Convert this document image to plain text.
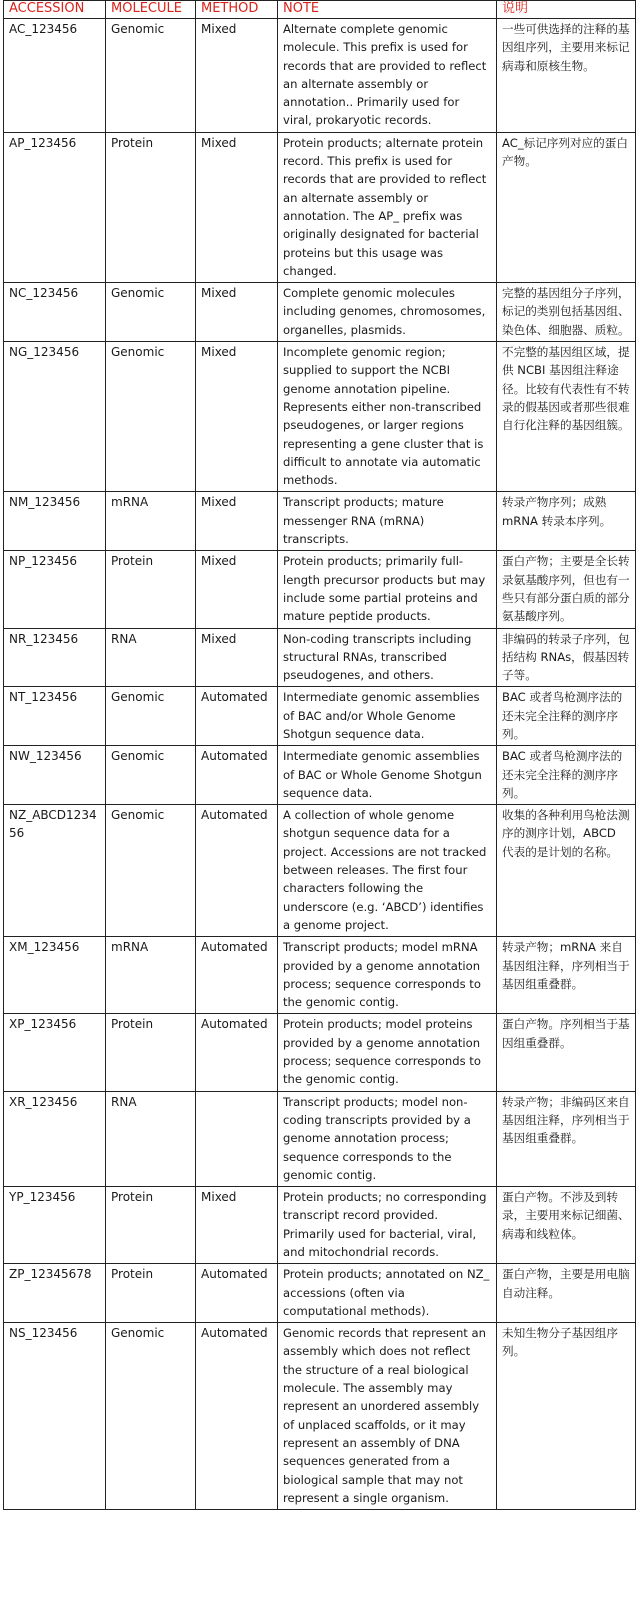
ACCESSION	MOLECULE	METHOD	NOTE	说明
AC_123456	Genomic	Mixed	Alternate complete genomic molecule. This prefix is used for records that are provided to reflect an alternate assembly or annotation.. Primarily used for viral, prokaryotic records.	一些可供选择的注释的基因组序列，主要用来标记病毒和原核生物。
AP_123456	Protein	Mixed	Protein products; alternate protein record. This prefix is used for records that are provided to reflect an alternate assembly or annotation. The AP_ prefix was originally designated for bacterial proteins but this usage was changed.	AC_标记序列对应的蛋白产物。
NC_123456	Genomic	Mixed	Complete genomic molecules including genomes, chromosomes, organelles, plasmids.	完整的基因组分子序列，标记的类别包括基因组、染色体、细胞器、质粒。
NG_123456	Genomic	Mixed	Incomplete genomic region; supplied to support the NCBI genome annotation pipeline. Represents either non-transcribed pseudogenes, or larger regions representing a gene cluster that is difficult to annotate via automatic methods.	不完整的基因组区域，提供 NCBI 基因组注释途径。比较有代表性有不转录的假基因或者那些很难自行化注释的基因组簇。
NM_123456	mRNA	Mixed	Transcript products; mature messenger RNA (mRNA) transcripts.	转录产物序列；成熟 mRNA 转录本序列。
NP_123456	Protein	Mixed	Protein products; primarily full-length precursor products but may include some partial proteins and mature peptide products.	蛋白产物；主要是全长转录氨基酸序列，但也有一些只有部分蛋白质的部分氨基酸序列。
NR_123456	RNA	Mixed	Non-coding transcripts including structural RNAs, transcribed pseudogenes, and others.	非编码的转录子序列，包括结构 RNAs，假基因转子等。
NT_123456	Genomic	Automated	Intermediate genomic assemblies of BAC and/or Whole Genome Shotgun sequence data.	BAC 或者鸟枪测序法的还未完全注释的测序序列。
NW_123456	Genomic	Automated	Intermediate genomic assemblies of BAC or Whole Genome Shotgun sequence data.	BAC 或者鸟枪测序法的还未完全注释的测序序列。
NZ_ABCD123456	Genomic	Automated	A collection of whole genome shotgun sequence data for a project. Accessions are not tracked between releases. The first four characters following the underscore (e.g. ‘ABCD’) identifies a genome project.	收集的各种利用鸟枪法测序的测序计划，ABCD 代表的是计划的名称。
XM_123456	mRNA	Automated	Transcript products; model mRNA provided by a genome annotation process; sequence corresponds to the genomic contig.	转录产物；mRNA 来自基因组注释，序列相当于基因组重叠群。
XP_123456	Protein	Automated	Protein products; model proteins provided by a genome annotation process; sequence corresponds to the genomic contig.	蛋白产物。序列相当于基因组重叠群。
XR_123456	RNA		Transcript products; model non-coding transcripts provided by a genome annotation process; sequence corresponds to the genomic contig.	转录产物；非编码区来自基因组注释，序列相当于基因组重叠群。
YP_123456	Protein	Mixed	Protein products; no corresponding transcript record provided. Primarily used for bacterial, viral, and mitochondrial records.	蛋白产物。不涉及到转录，主要用来标记细菌、病毒和线粒体。
ZP_12345678	Protein	Automated	Protein products; annotated on NZ_ accessions (often via computational methods).	蛋白产物，主要是用电脑自动注释。
NS_123456	Genomic	Automated	Genomic records that represent an assembly which does not reflect the structure of a real biological molecule. The assembly may represent an unordered assembly of unplaced scaffolds, or it may represent an assembly of DNA sequences generated from a biological sample that may not represent a single organism.	未知生物分子基因组序列。
